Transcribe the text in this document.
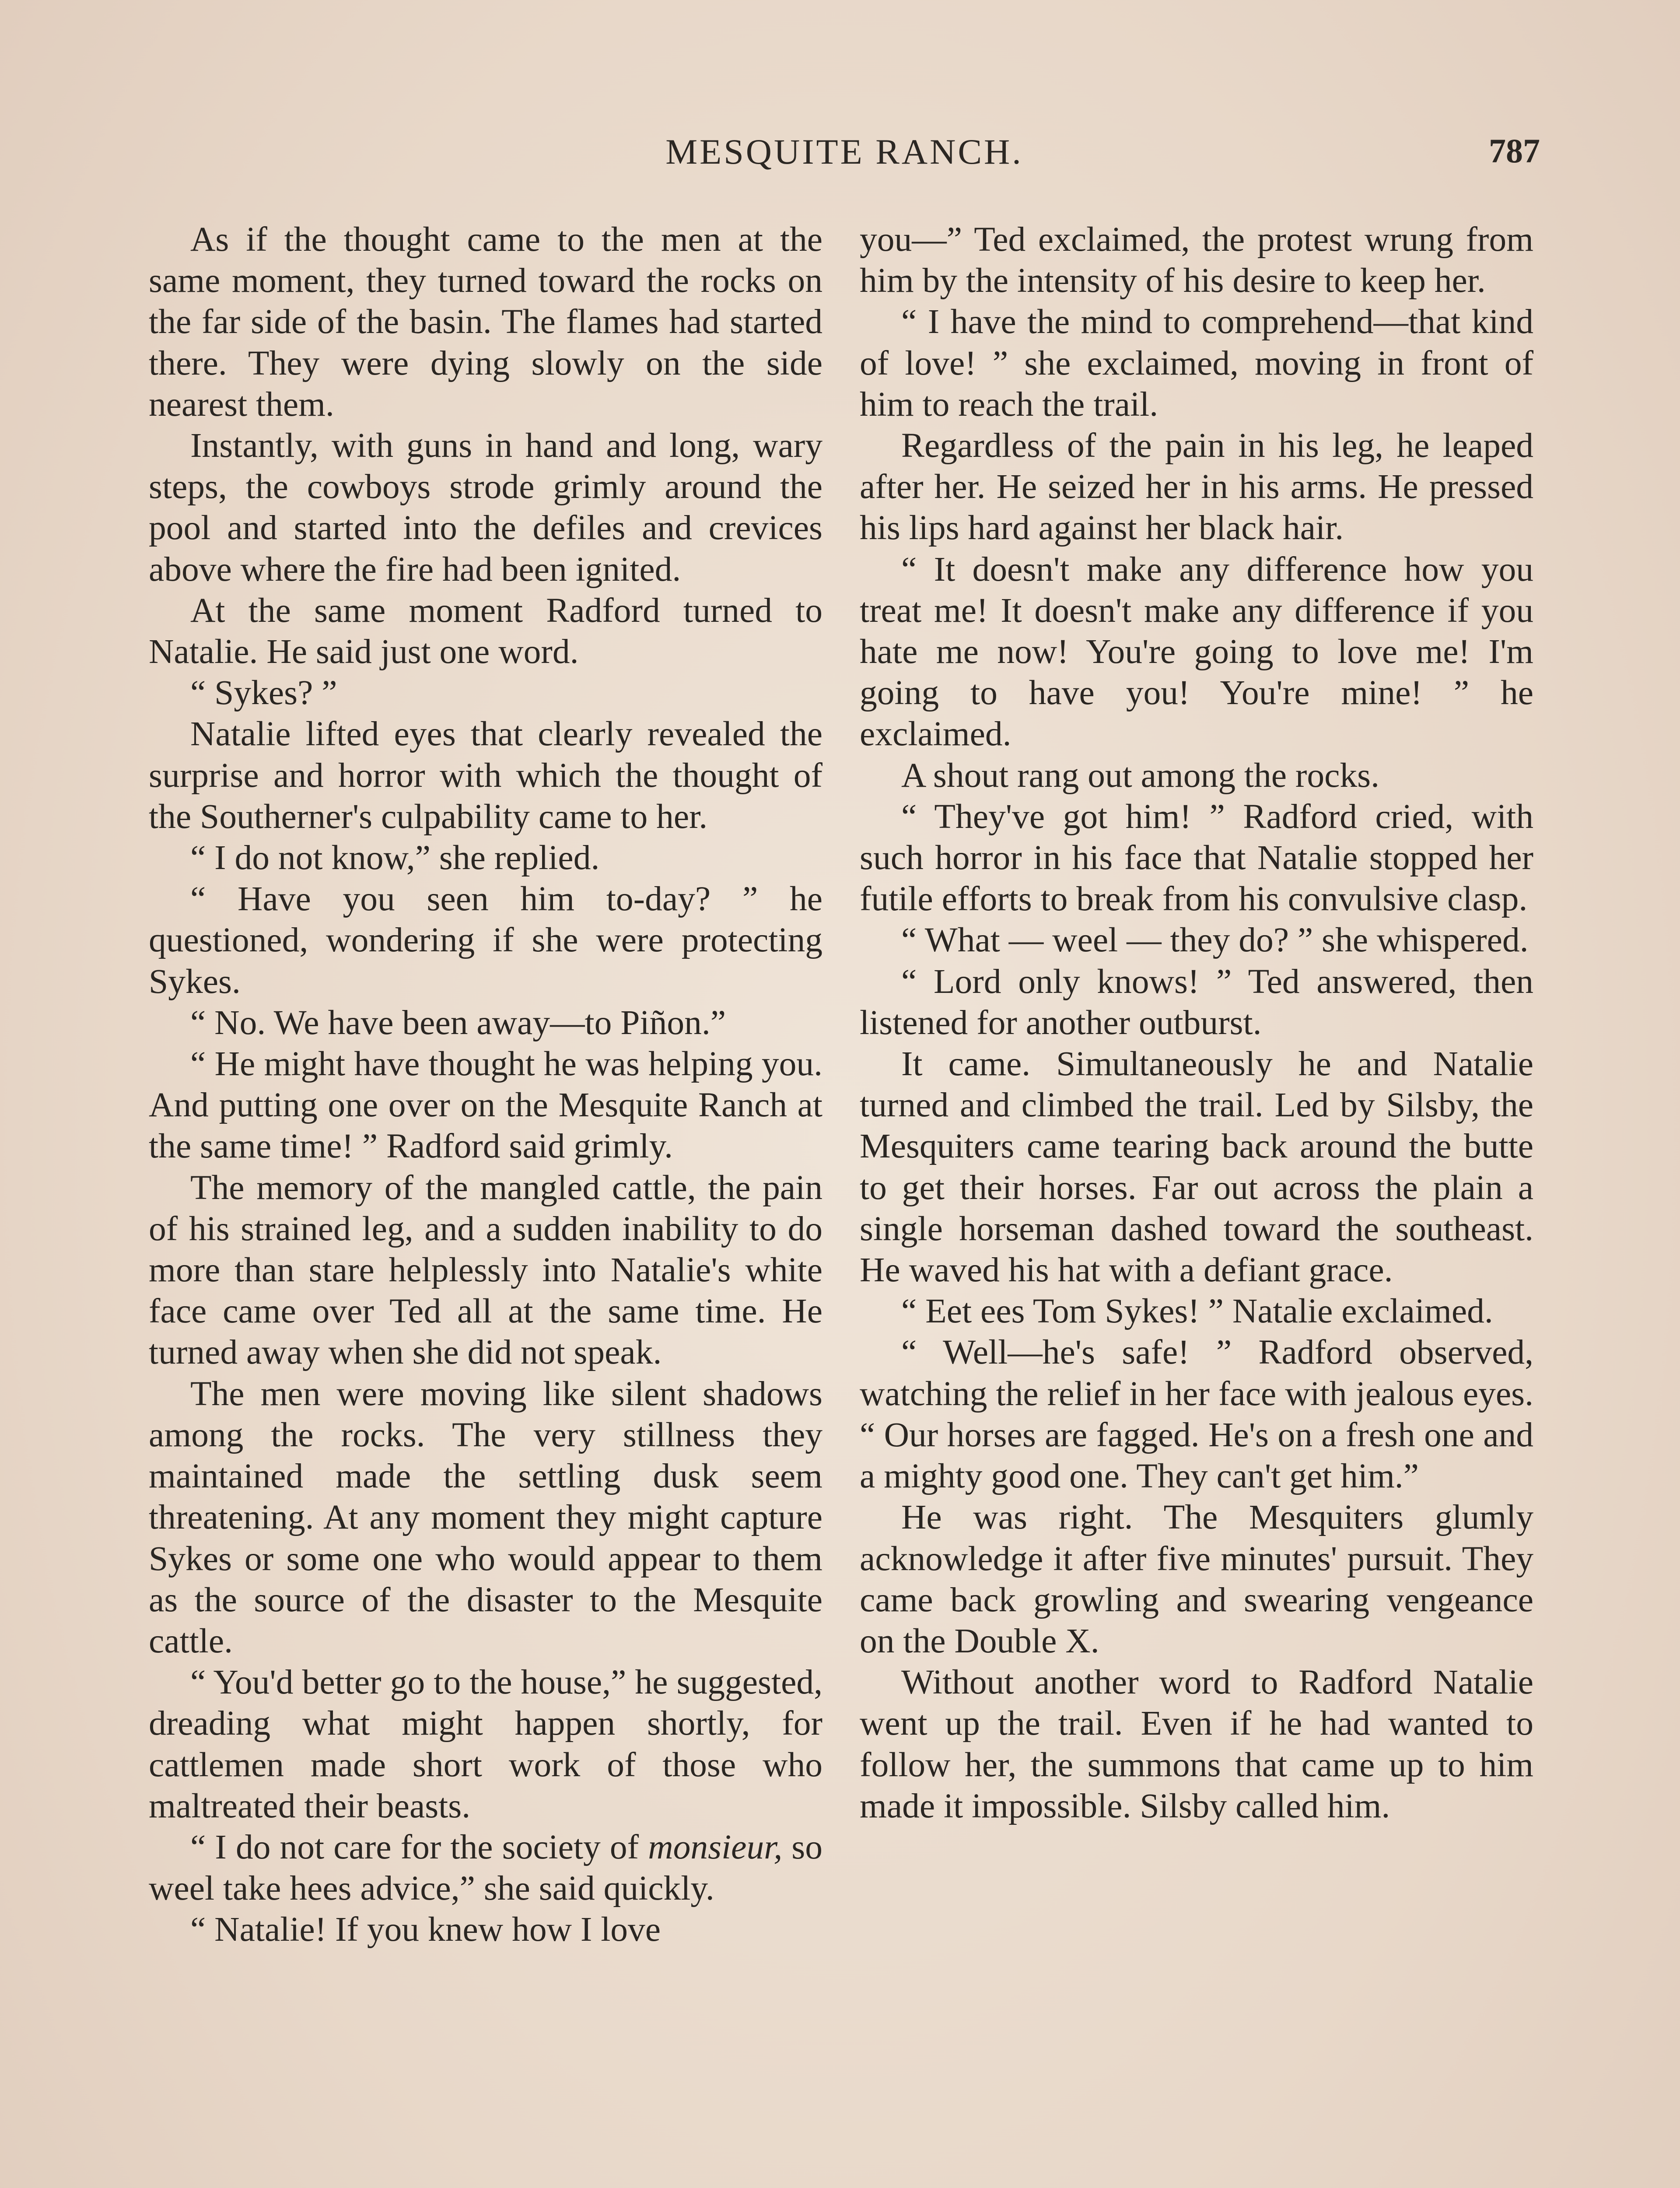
MESQUITE RANCH.	787

As if the thought came to the men at the same moment, they turned toward the rocks on the far side of the basin. The flames had started there. They were dying slowly on the side nearest them.

Instantly, with guns in hand and long, wary steps, the cowboys strode grimly around the pool and started into the defiles and crevices above where the fire had been ignited.

At the same moment Radford turned to Natalie. He said just one word.

“ Sykes? ”

Natalie lifted eyes that clearly revealed the surprise and horror with which the thought of the Southerner's culpability came to her.

“ I do not know,” she replied.

“ Have you seen him to-day? ” he questioned, wondering if she were protecting Sykes.

“ No. We have been away—to Piñon.”

“ He might have thought he was helping you. And putting one over on the Mesquite Ranch at the same time! ” Radford said grimly.

The memory of the mangled cattle, the pain of his strained leg, and a sudden inability to do more than stare helplessly into Natalie's white face came over Ted all at the same time. He turned away when she did not speak.

The men were moving like silent shadows among the rocks. The very stillness they maintained made the settling dusk seem threatening. At any moment they might capture Sykes or some one who would appear to them as the source of the disaster to the Mesquite cattle.

“ You'd better go to the house,” he suggested, dreading what might happen shortly, for cattlemen made short work of those who maltreated their beasts.

“ I do not care for the society of monsieur, so weel take hees advice,” she said quickly.

“ Natalie! If you knew how I love

you—” Ted exclaimed, the protest wrung from him by the intensity of his desire to keep her.

“ I have the mind to comprehend—that kind of love! ” she exclaimed, moving in front of him to reach the trail.

Regardless of the pain in his leg, he leaped after her. He seized her in his arms. He pressed his lips hard against her black hair.

“ It doesn't make any difference how you treat me! It doesn't make any difference if you hate me now! You're going to love me! I'm going to have you! You're mine! ” he exclaimed.

A shout rang out among the rocks.

“ They've got him! ” Radford cried, with such horror in his face that Natalie stopped her futile efforts to break from his convulsive clasp.

“ What — weel — they do? ” she whispered.

“ Lord only knows! ” Ted answered, then listened for another outburst.

It came. Simultaneously he and Natalie turned and climbed the trail. Led by Silsby, the Mesquiters came tearing back around the butte to get their horses. Far out across the plain a single horseman dashed toward the southeast. He waved his hat with a defiant grace.

“ Eet ees Tom Sykes! ” Natalie exclaimed.

“ Well—he's safe! ” Radford observed, watching the relief in her face with jealous eyes. “ Our horses are fagged. He's on a fresh one and a mighty good one. They can't get him.”

He was right. The Mesquiters glumly acknowledge it after five minutes' pursuit. They came back growling and swearing vengeance on the Double X.

Without another word to Radford Natalie went up the trail. Even if he had wanted to follow her, the summons that came up to him made it impossible. Silsby called him.
